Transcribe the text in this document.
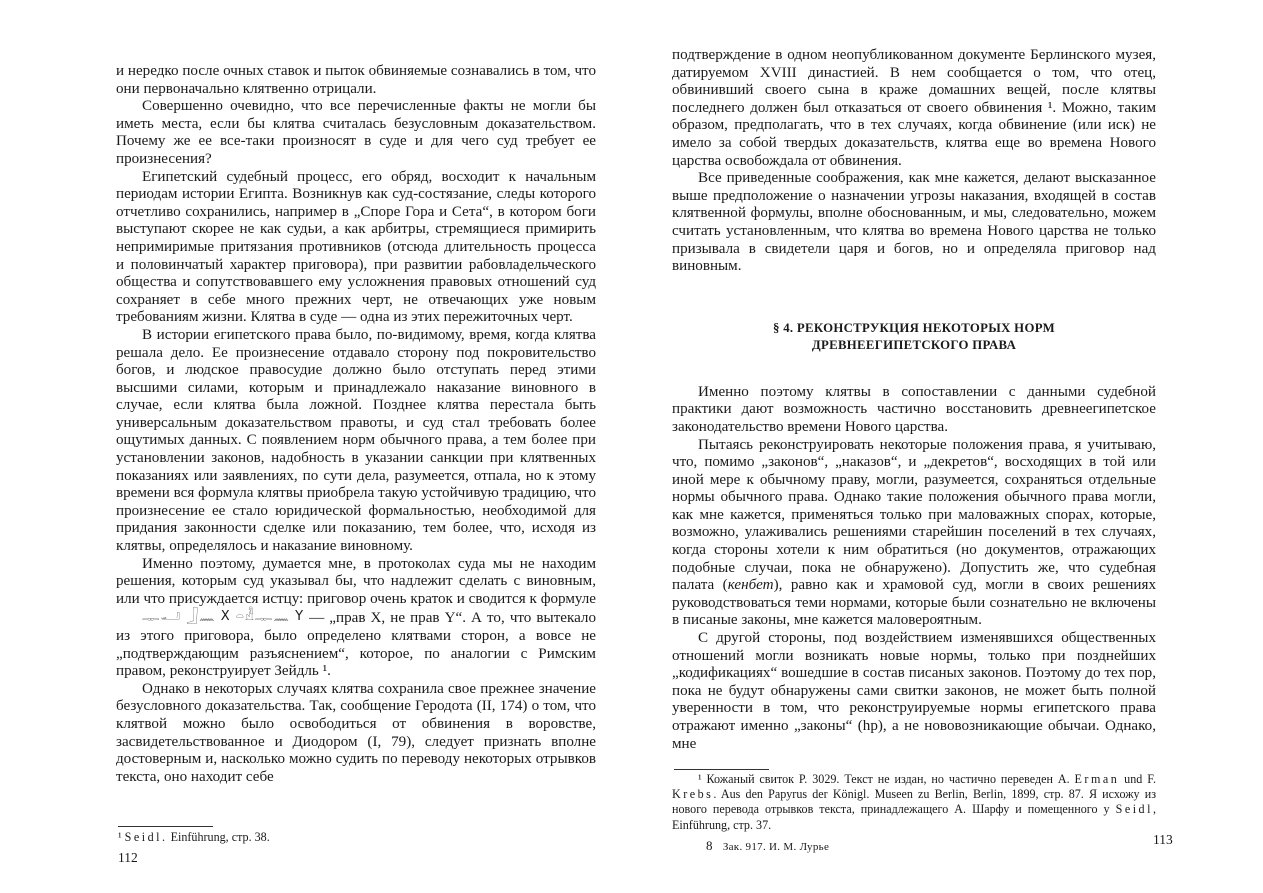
и нередко после очных ставок и пыток обвиняемые сознавались в том, что они первоначально клятвенно отрицали.

Совершенно очевидно, что все перечисленные факты не могли бы иметь места, если бы клятва считалась безусловным доказательством. Почему же ее все-таки произносят в суде и для чего суд требует ее произнесения?

Египетский судебный процесс, его обряд, восходит к начальным периодам истории Египта. Возникнув как суд-состязание, следы которого отчетливо сохранились, например в „Споре Гора и Сета“, в котором боги выступают скорее не как судьи, а как арбитры, стремящиеся примирить непримиримые притязания противников (отсюда длительность процесса и половинчатый характер приговора), при развитии рабовладельческого общества и сопутствовавшего ему усложнения правовых отношений суд сохраняет в себе много прежних черт, не отвечающих уже новым требованиям жизни. Клятва в суде — одна из этих пережиточных черт.

В истории египетского права было, по-видимому, время, когда клятва решала дело. Ее произнесение отдавало сторону под покровительство богов, и людское правосудие должно было отступать перед этими высшими силами, которым и принадлежало наказание виновного в случае, если клятва была ложной. Позднее клятва перестала быть универсальным доказательством правоты, и суд стал требовать более ощутимых данных. С появлением норм обычного права, а тем более при установлении законов, надобность в указании санкции при клятвенных показаниях или заявлениях, по сути дела, разумеется, отпала, но к этому времени вся формула клятвы приобрела такую устойчивую традицию, что произнесение ее стало юридической формальностью, необходимой для придания законности сделке или показанию, тем более, что, исходя из клятвы, определялось и наказание виновному.

Именно поэтому, думается мне, в протоколах суда мы не находим решения, которым суд указывал бы, что надлежит сделать с виновным, или что присуждается истцу: приговор очень краток и сводится к формуле 𓊃𓂝 𓃀𓈖 X 𓏏𓁐𓊃𓈖 Y — „прав X, не прав Y“. А то, что вытекало из этого приговора, было определено клятвами сторон, а вовсе не „подтверждающим разъяснением“, которое, по аналогии с Римским правом, реконструирует Зейдль ¹.

Однако в некоторых случаях клятва сохранила свое прежнее значение безусловного доказательства. Так, сообщение Геродота (II, 174) о том, что клятвой можно было освободиться от обвинения в воровстве, засвидетельствованное и Диодором (I, 79), следует признать вполне достоверным и, насколько можно судить по переводу некоторых отрывков текста, оно находит себе

¹ Seidl. Einführung, стр. 38.
112

подтверждение в одном неопубликованном документе Берлинского музея, датируемом XVIII династией. В нем сообщается о том, что отец, обвинивший своего сына в краже домашних вещей, после клятвы последнего должен был отказаться от своего обвинения ¹. Можно, таким образом, предполагать, что в тех случаях, когда обвинение (или иск) не имело за собой твердых доказательств, клятва еще во времена Нового царства освобождала от обвинения.

Все приведенные соображения, как мне кажется, делают высказанное выше предположение о назначении угрозы наказания, входящей в состав клятвенной формулы, вполне обоснованным, и мы, следовательно, можем считать установленным, что клятва во времена Нового царства не только призывала в свидетели царя и богов, но и определяла приговор над виновным.

§ 4. РЕКОНСТРУКЦИЯ НЕКОТОРЫХ НОРМ
ДРЕВНЕЕГИПЕТСКОГО ПРАВА

Именно поэтому клятвы в сопоставлении с данными судебной практики дают возможность частично восстановить древнеегипетское законодательство времени Нового царства.

Пытаясь реконструировать некоторые положения права, я учитываю, что, помимо „законов“, „наказов“, и „декретов“, восходящих в той или иной мере к обычному праву, могли, разумеется, сохраняться отдельные нормы обычного права. Однако такие положения обычного права могли, как мне кажется, применяться только при маловажных спорах, которые, возможно, улаживались решениями старейшин поселений в тех случаях, когда стороны хотели к ним обратиться (но документов, отражающих подобные случаи, пока не обнаружено). Допустить же, что судебная палата (кенбет), равно как и храмовой суд, могли в своих решениях руководствоваться теми нормами, которые были сознательно не включены в писаные законы, мне кажется маловероятным.

С другой стороны, под воздействием изменявшихся общественных отношений могли возникать новые нормы, только при позднейших „кодификациях“ вошедшие в состав писаных законов. Поэтому до тех пор, пока не будут обнаружены сами свитки законов, не может быть полной уверенности в том, что реконструируемые нормы египетского права отражают именно „законы“ (hp), а не нововозникающие обычаи. Однако, мне

¹ Кожаный свиток P. 3029. Текст не издан, но частично переведен A. Erman und F. Krebs. Aus den Papyrus der Königl. Museen zu Berlin, Berlin, 1899, стр. 87. Я исхожу из нового перевода отрывков текста, принадлежащего А. Шарфу и помещенного у Seidl, Einführung, стр. 37.
8 Зак. 917. И. М. Лурье	113
